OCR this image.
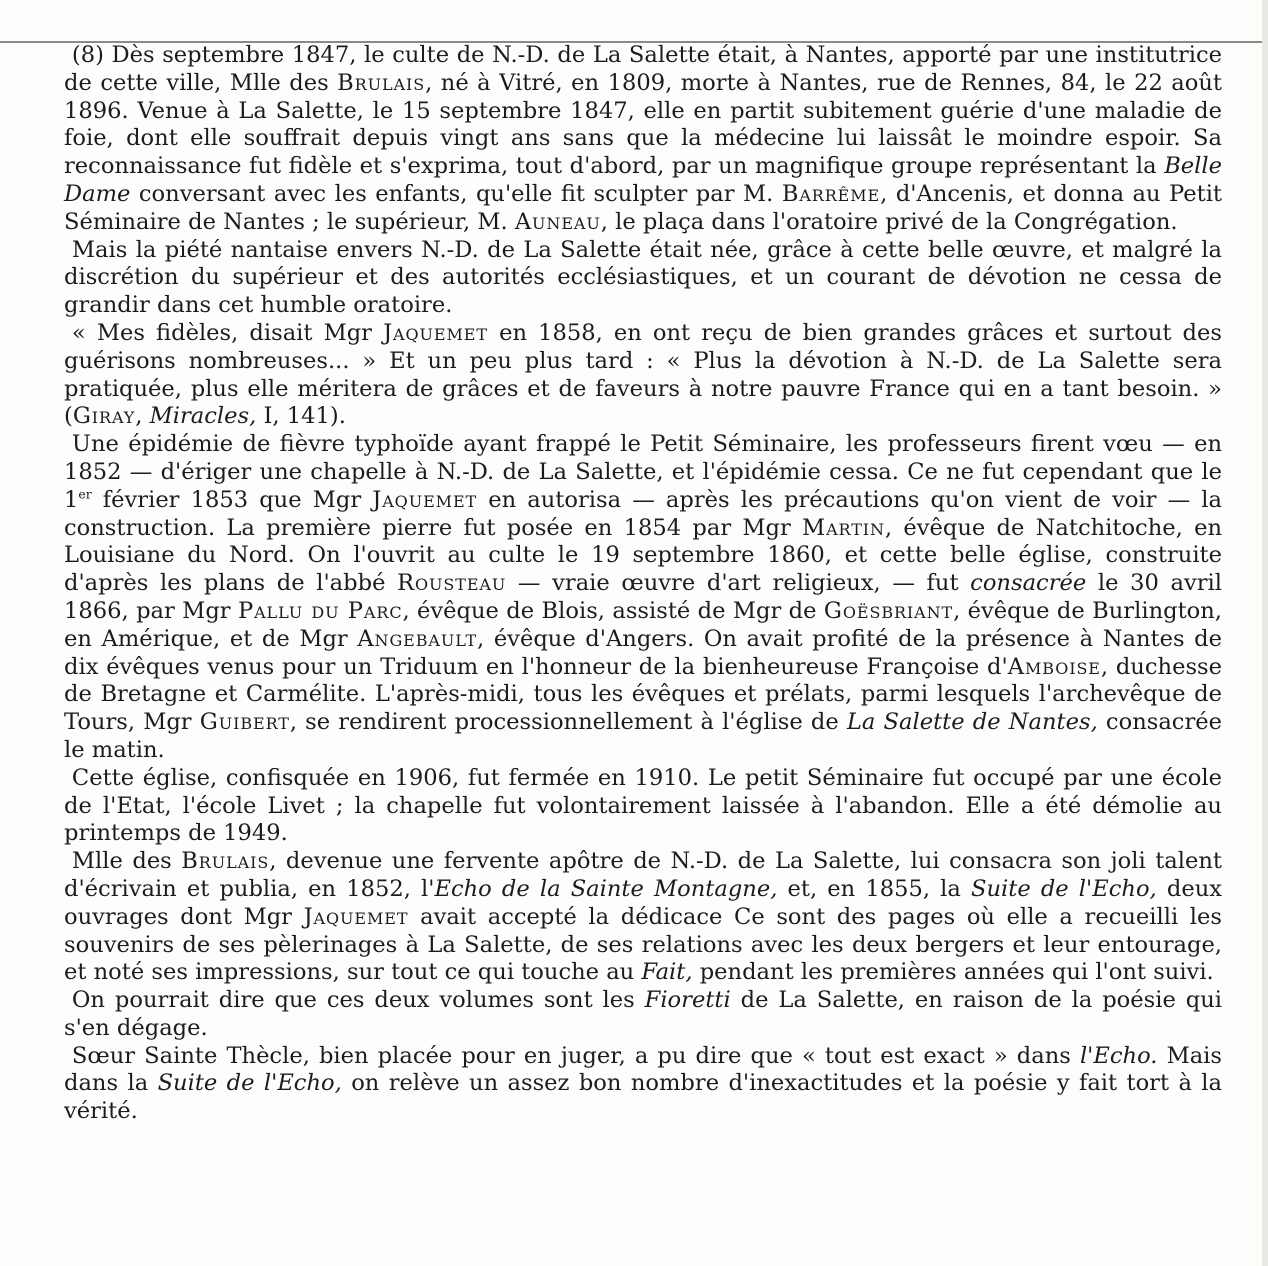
(8) Dès septembre 1847, le culte de N.-D. de La Salette était, à Nantes, apporté par une institutrice de cette ville, Mlle des Brulais, né à Vitré, en 1809, morte à Nantes, rue de Rennes, 84, le 22 août 1896. Venue à La Salette, le 15 septembre 1847, elle en partit subitement guérie d'une maladie de foie, dont elle souffrait depuis vingt ans sans que la médecine lui laissât le moindre espoir. Sa reconnaissance fut fidèle et s'exprima, tout d'abord, par un magnifique groupe représentant la Belle Dame conversant avec les enfants, qu'elle fit sculpter par M. Barrême, d'Ancenis, et donna au Petit Séminaire de Nantes ; le supérieur, M. Auneau, le plaça dans l'oratoire privé de la Congrégation.

Mais la piété nantaise envers N.-D. de La Salette était née, grâce à cette belle œuvre, et malgré la discrétion du supérieur et des autorités ecclésiastiques, et un courant de dévotion ne cessa de grandir dans cet humble oratoire.

« Mes fidèles, disait Mgr Jaquemet en 1858, en ont reçu de bien grandes grâces et surtout des guérisons nombreuses... » Et un peu plus tard : « Plus la dévotion à N.-D. de La Salette sera pratiquée, plus elle méritera de grâces et de faveurs à notre pauvre France qui en a tant besoin. » (Giray, Miracles, I, 141).

Une épidémie de fièvre typhoïde ayant frappé le Petit Séminaire, les professeurs firent vœu — en 1852 — d'ériger une chapelle à N.-D. de La Salette, et l'épidémie cessa. Ce ne fut cependant que le 1er février 1853 que Mgr Jaquemet en autorisa — après les précautions qu'on vient de voir — la construction. La première pierre fut posée en 1854 par Mgr Martin, évêque de Natchitoche, en Louisiane du Nord. On l'ouvrit au culte le 19 septembre 1860, et cette belle église, construite d'après les plans de l'abbé Rousteau — vraie œuvre d'art religieux, — fut consacrée le 30 avril 1866, par Mgr Pallu du Parc, évêque de Blois, assisté de Mgr de Goësbriant, évêque de Burlington, en Amérique, et de Mgr Angebault, évêque d'Angers. On avait profité de la présence à Nantes de dix évêques venus pour un Triduum en l'honneur de la bienheureuse Françoise d'Amboise, duchesse de Bretagne et Carmélite. L'après-midi, tous les évêques et prélats, parmi lesquels l'archevêque de Tours, Mgr Guibert, se rendirent processionnellement à l'église de La Salette de Nantes, consacrée le matin.

Cette église, confisquée en 1906, fut fermée en 1910. Le petit Séminaire fut occupé par une école de l'Etat, l'école Livet ; la chapelle fut volontairement laissée à l'abandon. Elle a été démolie au printemps de 1949.

Mlle des Brulais, devenue une fervente apôtre de N.-D. de La Salette, lui consacra son joli talent d'écrivain et publia, en 1852, l'Echo de la Sainte Montagne, et, en 1855, la Suite de l'Echo, deux ouvrages dont Mgr Jaquemet avait accepté la dédicace Ce sont des pages où elle a recueilli les souvenirs de ses pèlerinages à La Salette, de ses relations avec les deux bergers et leur entourage, et noté ses impressions, sur tout ce qui touche au Fait, pendant les premières années qui l'ont suivi.

On pourrait dire que ces deux volumes sont les Fioretti de La Salette, en raison de la poésie qui s'en dégage.

Sœur Sainte Thècle, bien placée pour en juger, a pu dire que « tout est exact » dans l'Echo. Mais dans la Suite de l'Echo, on relève un assez bon nombre d'inexactitudes et la poésie y fait tort à la vérité.
